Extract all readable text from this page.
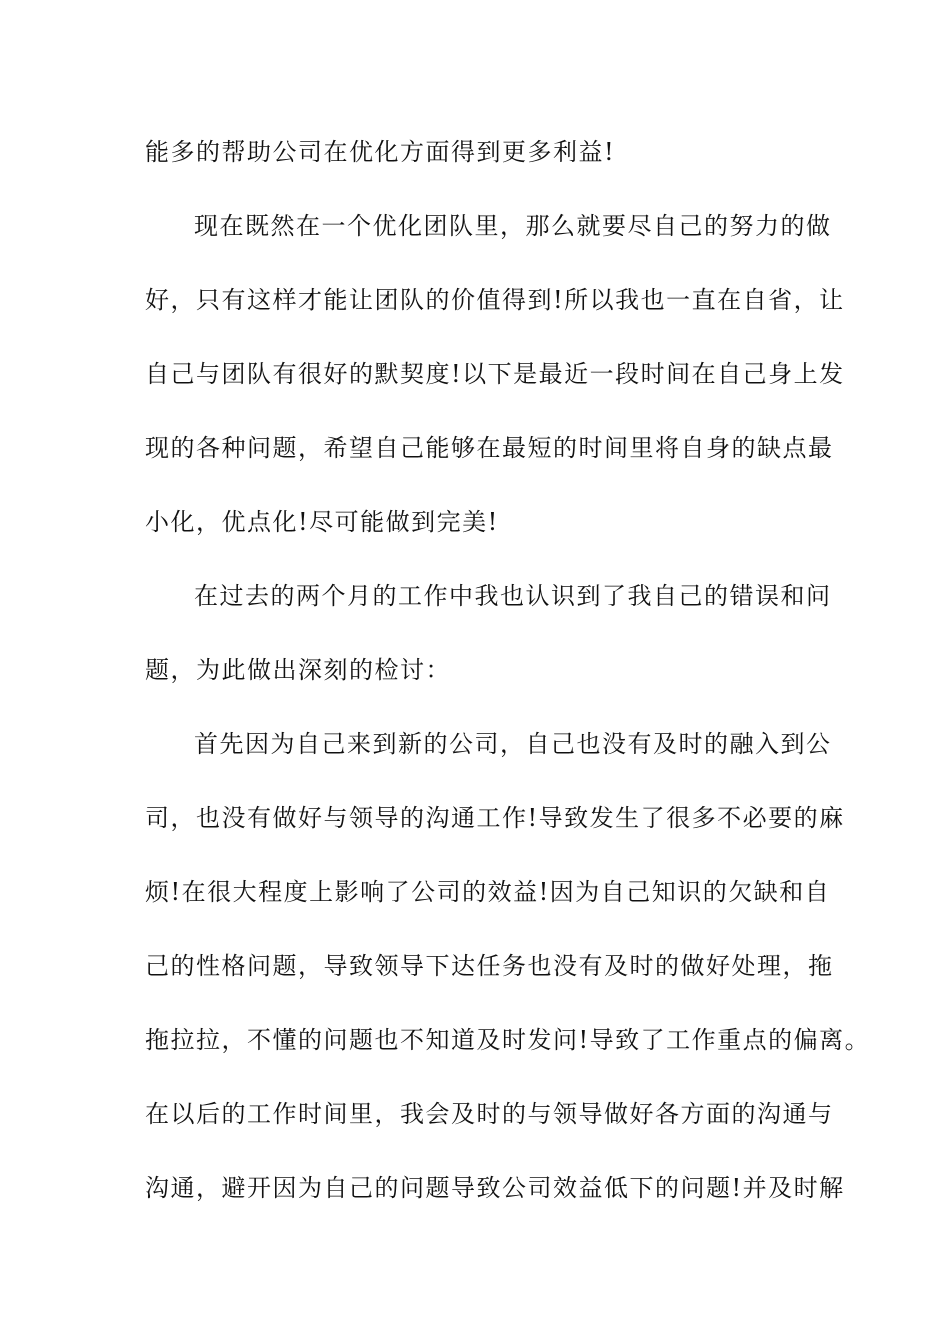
能多的帮助公司在优化方面得到更多利益!
现在既然在一个优化团队里，那么就要尽自己的努力的做
好，只有这样才能让团队的价值得到!所以我也一直在自省，让
自己与团队有很好的默契度!以下是最近一段时间在自己身上发
现的各种问题，希望自己能够在最短的时间里将自身的缺点最
小化，优点化!尽可能做到完美!
在过去的两个月的工作中我也认识到了我自己的错误和问
题，为此做出深刻的检讨：
首先因为自己来到新的公司，自己也没有及时的融入到公
司，也没有做好与领导的沟通工作!导致发生了很多不必要的麻
烦!在很大程度上影响了公司的效益!因为自己知识的欠缺和自
己的性格问题，导致领导下达任务也没有及时的做好处理，拖
拖拉拉，不懂的问题也不知道及时发问!导致了工作重点的偏离。
在以后的工作时间里，我会及时的与领导做好各方面的沟通与
沟通，避开因为自己的问题导致公司效益低下的问题!并及时解
